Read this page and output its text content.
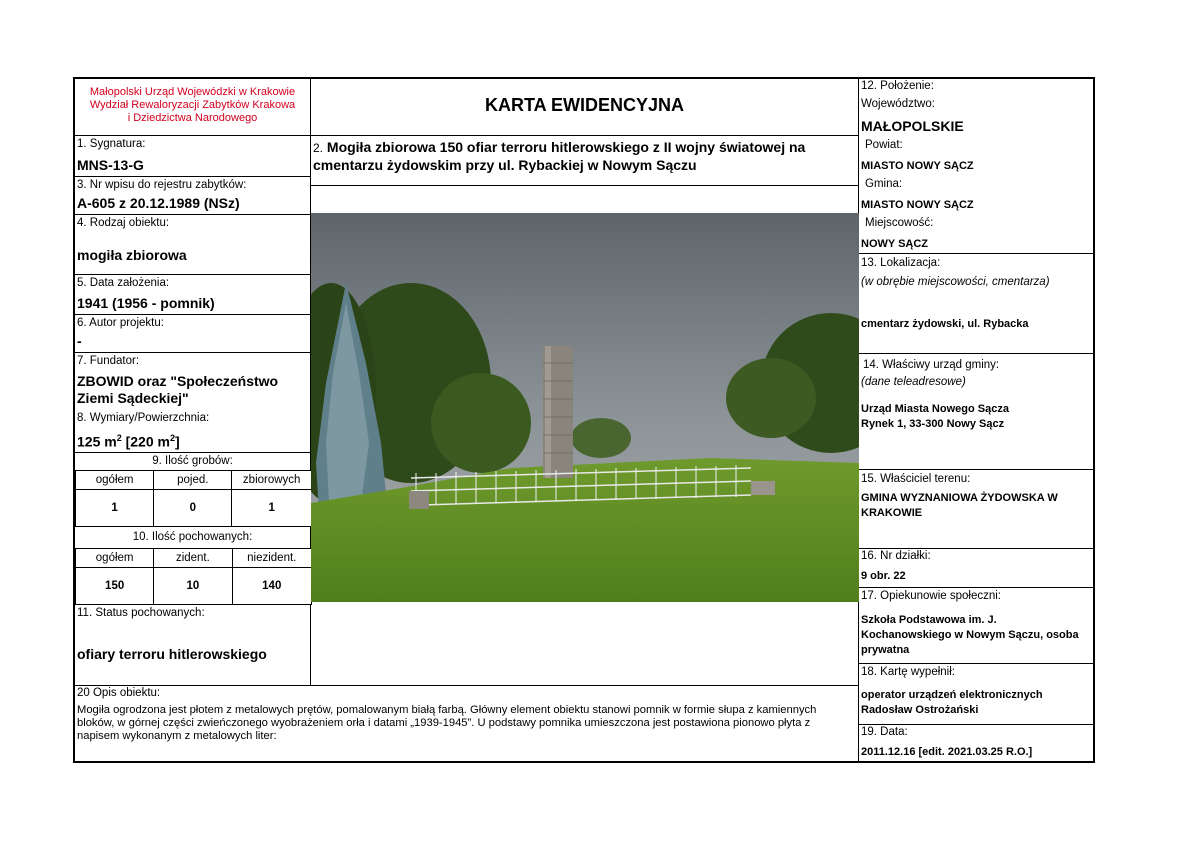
Małopolski Urząd Wojewódzki w Krakowie
Wydział Rewaloryzacji Zabytków Krakowa
i Dziedzictwa Narodowego
1. Sygnatura:
MNS-13-G
3. Nr wpisu do rejestru zabytków:
A-605 z 20.12.1989 (NSz)
4. Rodzaj obiektu:
mogiła zbiorowa
5. Data założenia:
1941 (1956 - pomnik)
6. Autor projektu:
-
7. Fundator:
ZBOWID oraz "Społeczeństwo
Ziemi Sądeckiej"
8. Wymiary/Powierzchnia:
125 $m^2$ [220 $m^2$]
9. Ilość grobów:
ogółem	pojed.	zbiorowych
1	0	1
10. Ilość pochowanych:
ogółem	zident.	niezident.
150	10	140
11. Status pochowanych:
ofiary terroru hitlerowskiego
KARTA EWIDENCYJNA
2. Mogiła zbiorowa 150 ofiar terroru hitlerowskiego z II wojny światowej na
cmentarzu żydowskim przy ul. Rybackiej w Nowym Sączu
20 Opis obiektu:
Mogiła ogrodzona jest płotem z metalowych prętów, pomalowanym białą farbą. Główny element obiektu stanowi pomnik w formie słupa z kamiennych
bloków, w górnej części zwieńczonego wyobrażeniem orła i datami „1939-1945”. U podstawy pomnika umieszczona jest postawiona pionowo płyta z
napisem wykonanym z metalowych liter:
12. Położenie:
Województwo:
MAŁOPOLSKIE
Powiat:
MIASTO NOWY SĄCZ
Gmina:
MIASTO NOWY SĄCZ
Miejscowość:
NOWY SĄCZ
13. Lokalizacja:
(w obrębie miejscowości, cmentarza)
cmentarz żydowski, ul. Rybacka
14. Właściwy urząd gminy:
(dane teleadresowe)
Urząd Miasta Nowego Sącza
Rynek 1, 33-300 Nowy Sącz
15. Właściciel terenu:
GMINA WYZNANIOWA ŻYDOWSKA W
KRAKOWIE
16. Nr działki:
9 obr. 22
17. Opiekunowie społeczni:
Szkoła Podstawowa im. J.
Kochanowskiego w Nowym Sączu, osoba
prywatna
18. Kartę wypełnił:
operator urządzeń elektronicznych
Radosław Ostrożański
19. Data:
2011.12.16 [edit. 2021.03.25 R.O.]
